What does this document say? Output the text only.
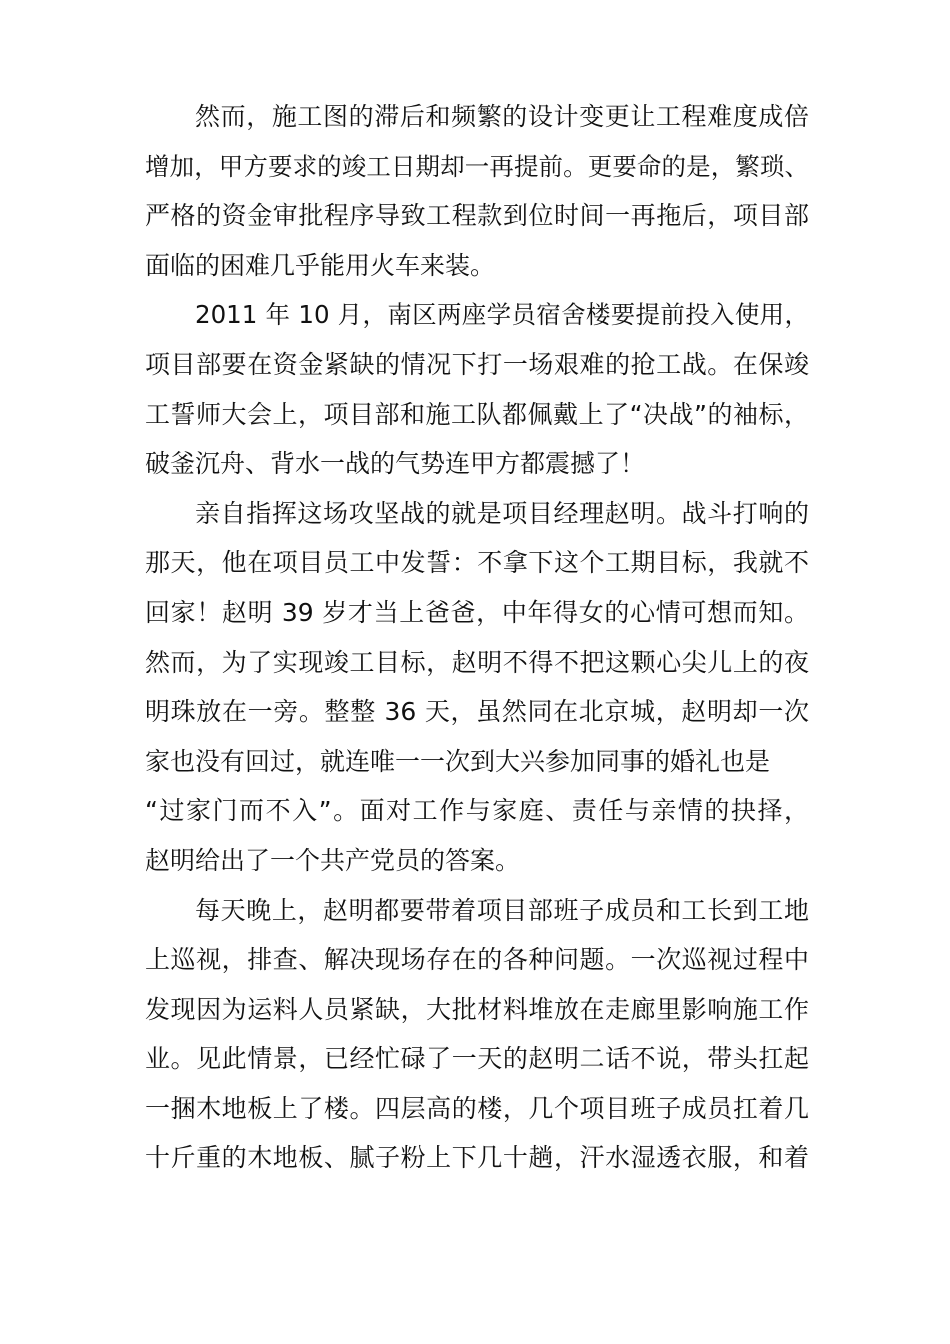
然而，施工图的滞后和频繁的设计变更让工程难度成倍
增加，甲方要求的竣工日期却一再提前。更要命的是，繁琐、
严格的资金审批程序导致工程款到位时间一再拖后，项目部
面临的困难几乎能用火车来装。
2011 年 10 月，南区两座学员宿舍楼要提前投入使用，
项目部要在资金紧缺的情况下打一场艰难的抢工战。在保竣
工誓师大会上，项目部和施工队都佩戴上了“决战”的袖标，
破釜沉舟、背水一战的气势连甲方都震撼了！
亲自指挥这场攻坚战的就是项目经理赵明。战斗打响的
那天，他在项目员工中发誓：不拿下这个工期目标，我就不
回家！赵明 39 岁才当上爸爸，中年得女的心情可想而知。
然而，为了实现竣工目标，赵明不得不把这颗心尖儿上的夜
明珠放在一旁。整整 36 天，虽然同在北京城，赵明却一次
家也没有回过，就连唯一一次到大兴参加同事的婚礼也是
“过家门而不入”。面对工作与家庭、责任与亲情的抉择，
赵明给出了一个共产党员的答案。
每天晚上，赵明都要带着项目部班子成员和工长到工地
上巡视，排查、解决现场存在的各种问题。一次巡视过程中
发现因为运料人员紧缺，大批材料堆放在走廊里影响施工作
业。见此情景，已经忙碌了一天的赵明二话不说，带头扛起
一捆木地板上了楼。四层高的楼，几个项目班子成员扛着几
十斤重的木地板、腻子粉上下几十趟，汗水湿透衣服，和着
